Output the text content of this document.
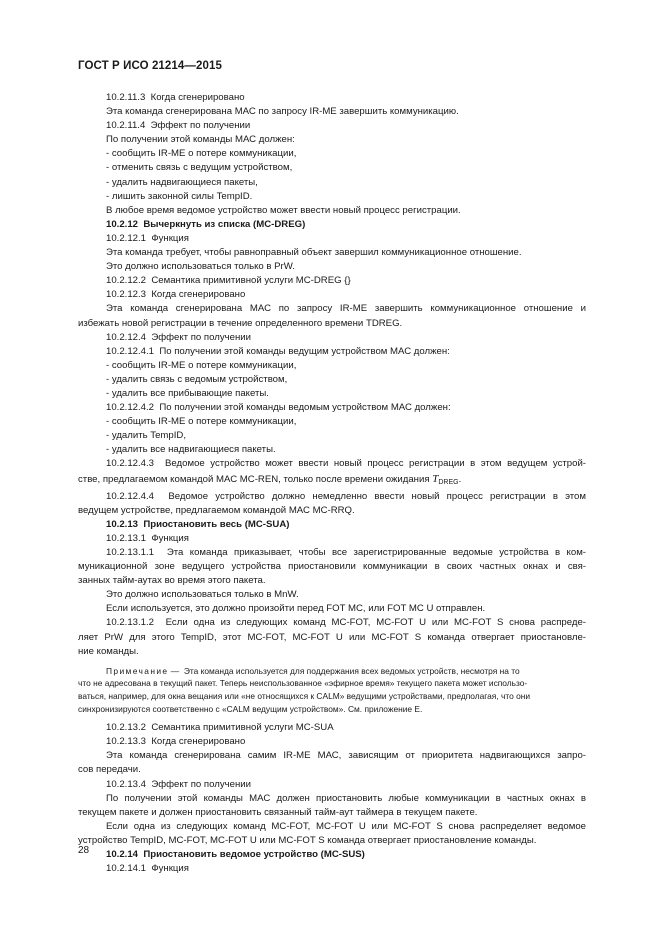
ГОСТ Р ИСО 21214—2015
10.2.11.3  Когда сгенерировано
Эта команда сгенерирована МАС по запросу IR-ME завершить коммуникацию.
10.2.11.4  Эффект по получении
По получении этой команды МАС должен:
- сообщить IR-ME о потере коммуникации,
- отменить связь с ведущим устройством,
- удалить надвигающиеся пакеты,
- лишить законной силы TempID.
В любое время ведомое устройство может ввести новый процесс регистрации.
10.2.12  Вычеркнуть из списка (MC-DREG)
10.2.12.1  Функция
Эта команда требует, чтобы равноправный объект завершил коммуникационное отношение.
Это должно использоваться только в PrW.
10.2.12.2  Семантика примитивной услуги MC-DREG {}
10.2.12.3  Когда сгенерировано
Эта команда сгенерирована МАС по запросу IR-ME завершить коммуникационное отношение и
избежать новой регистрации в течение определенного времени TDREG.
10.2.12.4  Эффект по получении
10.2.12.4.1  По получении этой команды ведущим устройством МАС должен:
- сообщить IR-ME о потере коммуникации,
- удалить связь с ведомым устройством,
- удалить все прибывающие пакеты.
10.2.12.4.2  По получении этой команды ведомым устройством МАС должен:
- сообщить IR-ME о потере коммуникации,
- удалить TempID,
- удалить все надвигающиеся пакеты.
10.2.12.4.3  Ведомое устройство может ввести новый процесс регистрации в этом ведущем устрой-
стве, предлагаемом командой МАС MC-REN, только после времени ожидания $T_{DREG}$.
10.2.12.4.4  Ведомое устройство должно немедленно ввести новый процесс регистрации в этом
ведущем устройстве, предлагаемом командой МАС MC-RRQ.
10.2.13  Приостановить весь (MC-SUA)
10.2.13.1  Функция
10.2.13.1.1  Эта команда приказывает, чтобы все зарегистрированные ведомые устройства в ком-
муникационной зоне ведущего устройства приостановили коммуникации в своих частных окнах и свя-
занных тайм-аутах во время этого пакета.
Это должно использоваться только в MnW.
Если используется, это должно произойти перед FOT MC, или FOT MC U отправлен.
10.2.13.1.2  Если одна из следующих команд MC-FOT, MC-FOT U или MC-FOT S снова распреде-
ляет PrW для этого TempID, этот MC-FOT, MC-FOT U или MC-FOT S команда отвергает приостановле-
ние команды.
Примечание —  Эта команда используется для поддержания всех ведомых устройств, несмотря на то
что не адресована в текущий пакет. Теперь неиспользованное «эфирное время» текущего пакета может использо-
ваться, например, для окна вещания или «не относящихся к CALM» ведущими устройствами, предполагая, что они
синхронизируются соответственно с «CALM ведущим устройством». См. приложение Е.
10.2.13.2  Семантика примитивной услуги MC-SUA
10.2.13.3  Когда сгенерировано
Эта команда сгенерирована самим IR-ME МАС, зависящим от приоритета надвигающихся запро-
сов передачи.
10.2.13.4  Эффект по получении
По получении этой команды МАС должен приостановить любые коммуникации в частных окнах в
текущем пакете и должен приостановить связанный тайм-аут таймера в текущем пакете.
Если одна из следующих команд MC-FOT, MC-FOT U или MC-FOT S снова распределяет ведомое
устройство TempID, MC-FOT, MC-FOT U или MC-FOT S команда отвергает приостановление команды.
10.2.14  Приостановить ведомое устройство (MC-SUS)
10.2.14.1  Функция
28
